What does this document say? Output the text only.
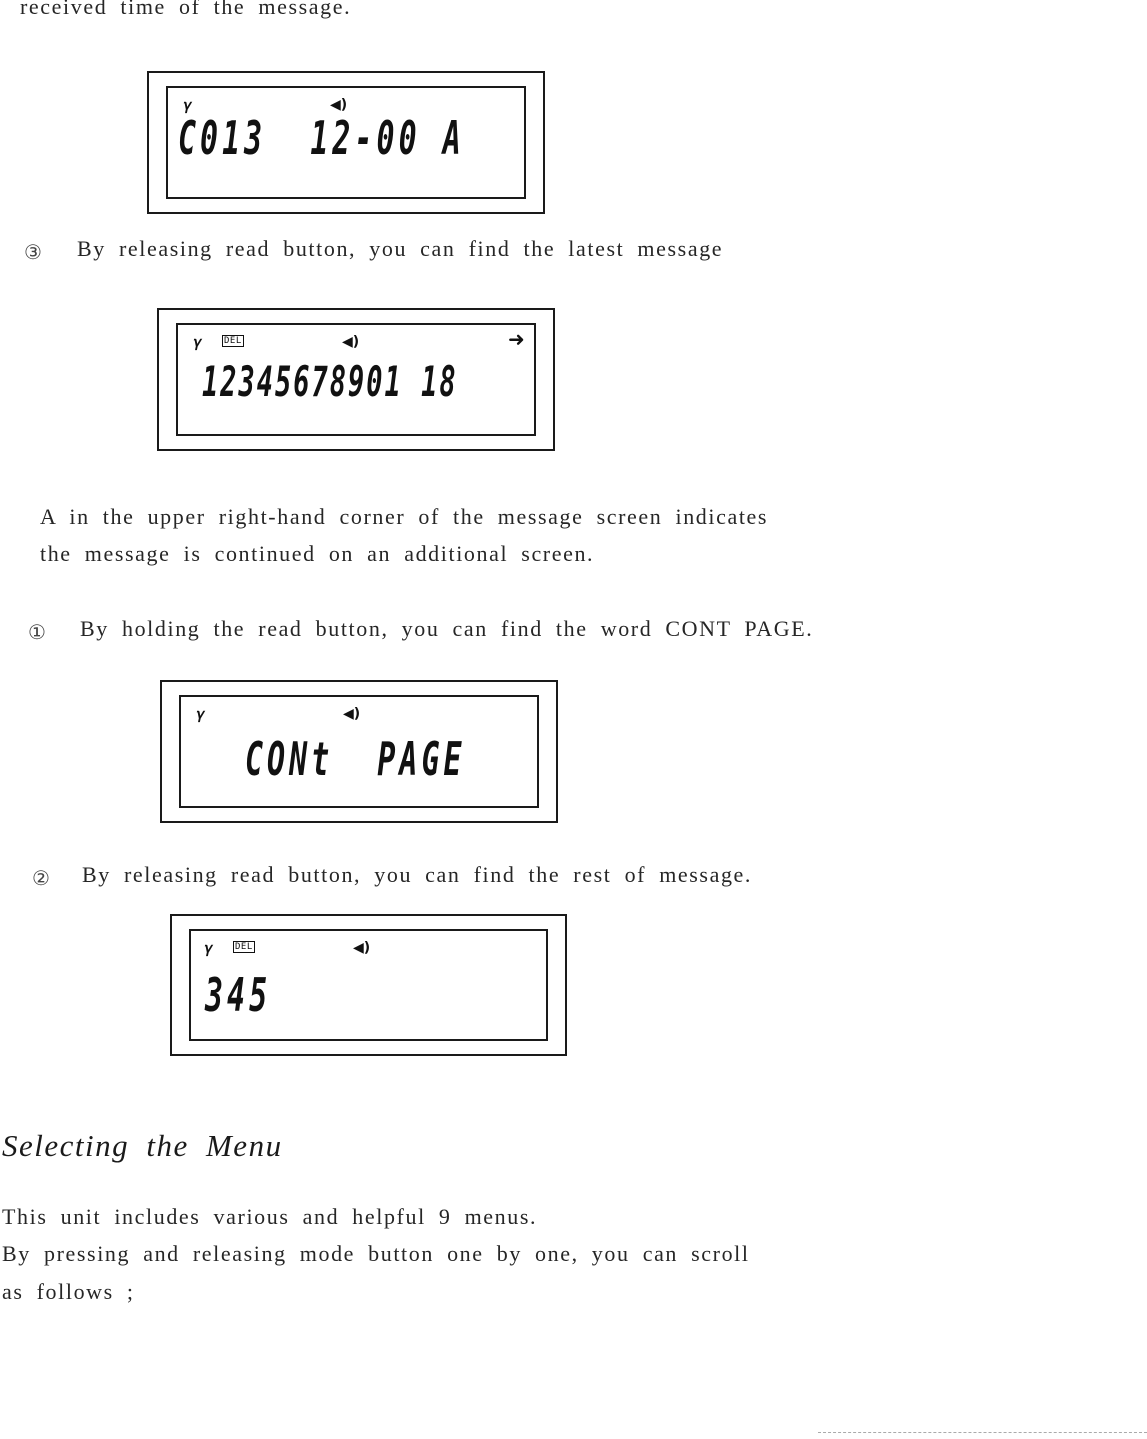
received time of the message.
𝛾	◀)
C013  12-00 A
③ By releasing read button, you can find the latest message
𝛾 DEL	◀)	➜
12345678901 18
A in the upper right-hand corner of the message screen indicates
the message is continued on an additional screen.
① By holding the read button, you can find the word CONT PAGE.
𝛾	◀)
CONt  PAGE
② By releasing read button, you can find the rest of message.
𝛾 DEL	◀)
345
Selecting the Menu
This unit includes various and helpful 9 menus.
By pressing and releasing mode button one by one, you can scroll
as follows ;
